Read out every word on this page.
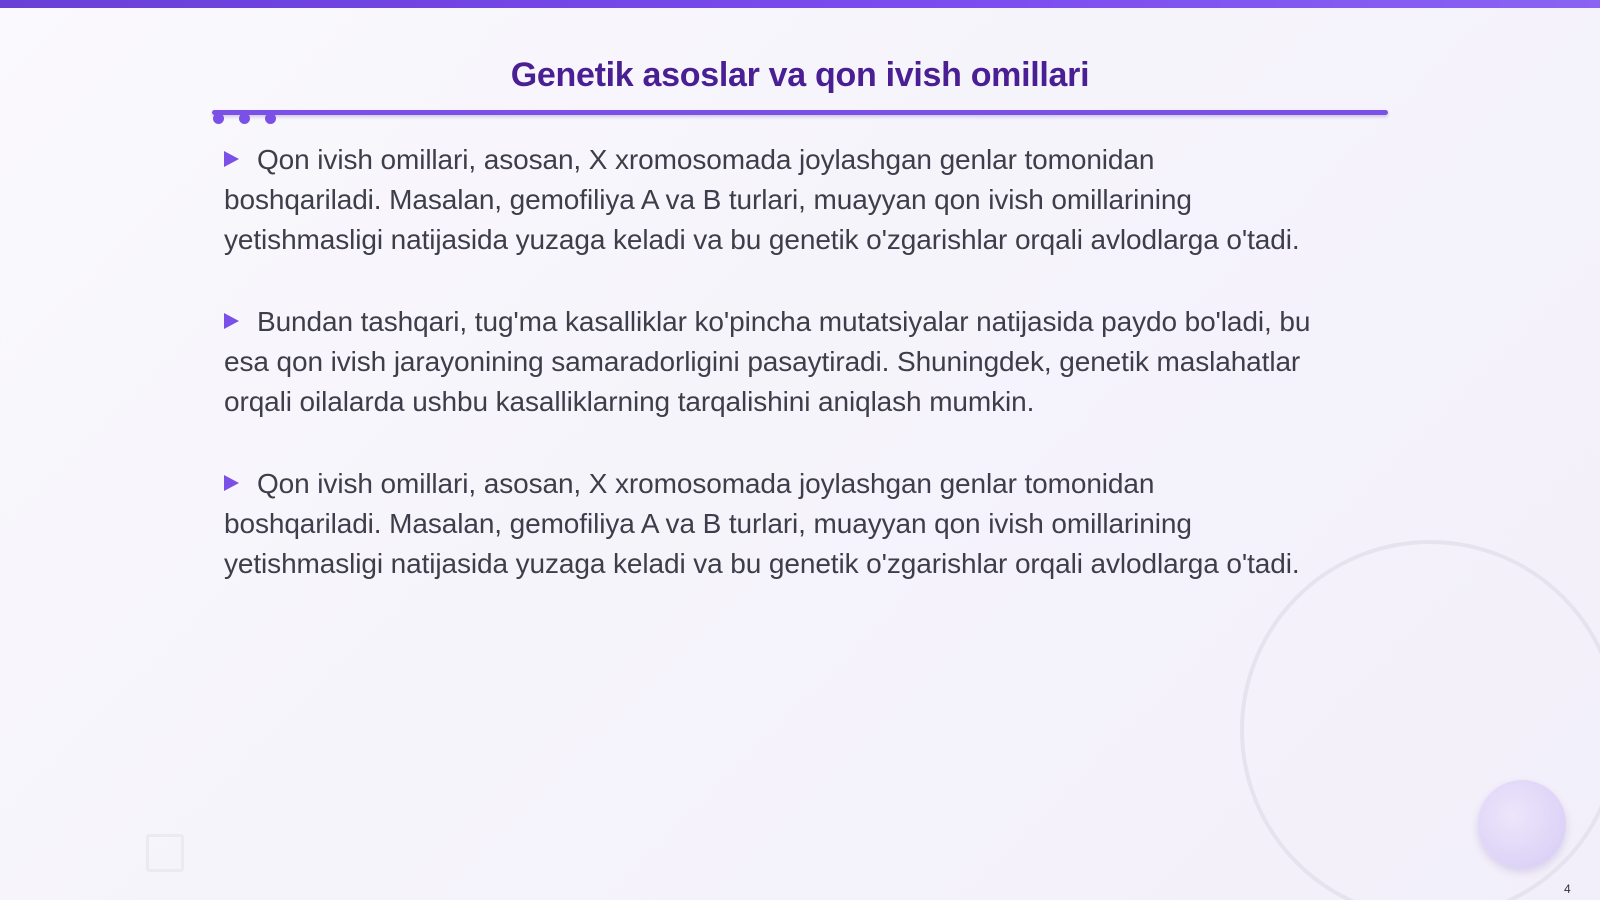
Genetik asoslar va qon ivish omillari

Qon ivish omillari, asosan, X xromosomada joylashgan genlar tomonidan boshqariladi. Masalan, gemofiliya A va B turlari, muayyan qon ivish omillarining yetishmasligi natijasida yuzaga keladi va bu genetik o'zgarishlar orqali avlodlarga o'tadi.

Bundan tashqari, tug'ma kasalliklar ko'pincha mutatsiyalar natijasida paydo bo'ladi, bu esa qon ivish jarayonining samaradorligini pasaytiradi. Shuningdek, genetik maslahatlar orqali oilalarda ushbu kasalliklarning tarqalishini aniqlash mumkin.

Qon ivish omillari, asosan, X xromosomada joylashgan genlar tomonidan boshqariladi. Masalan, gemofiliya A va B turlari, muayyan qon ivish omillarining yetishmasligi natijasida yuzaga keladi va bu genetik o'zgarishlar orqali avlodlarga o'tadi.

4
